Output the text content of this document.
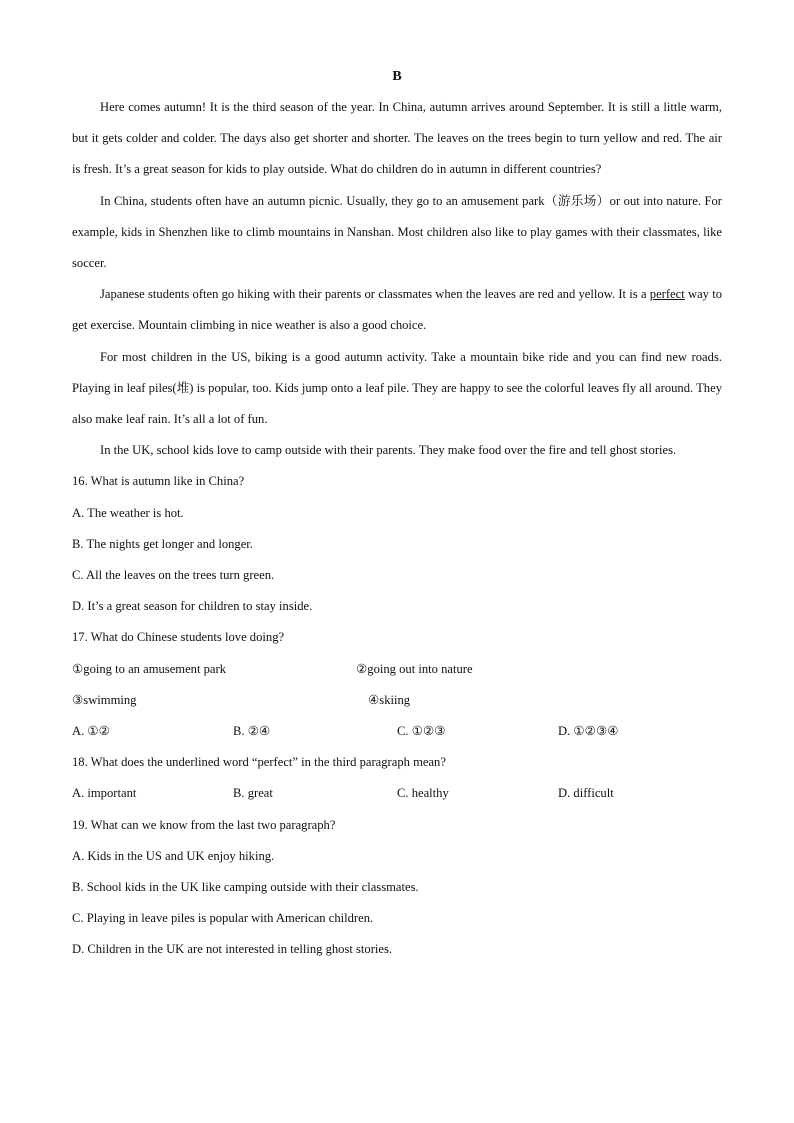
B

Here comes autumn! It is the third season of the year. In China, autumn arrives around September. It is still a little warm, but it gets colder and colder. The days also get shorter and shorter. The leaves on the trees begin to turn yellow and red. The air is fresh. It’s a great season for kids to play outside. What do children do in autumn in different countries?

In China, students often have an autumn picnic. Usually, they go to an amusement park（游乐场）or out into nature. For example, kids in Shenzhen like to climb mountains in Nanshan. Most children also like to play games with their classmates, like soccer.

Japanese students often go hiking with their parents or classmates when the leaves are red and yellow. It is a perfect way to get exercise. Mountain climbing in nice weather is also a good choice.

For most children in the US, biking is a good autumn activity. Take a mountain bike ride and you can find new roads. Playing in leaf piles(堆) is popular, too. Kids jump onto a leaf pile. They are happy to see the colorful leaves fly all around. They also make leaf rain. It’s all a lot of fun.

In the UK, school kids love to camp outside with their parents. They make food over the fire and tell ghost stories.

16. What is autumn like in China?
A. The weather is hot.
B. The nights get longer and longer.
C. All the leaves on the trees turn green.
D. It’s a great season for children to stay inside.
17. What do Chinese students love doing?
①going to an amusement park	②going out into nature
③swimming	④skiing
A. ①②	B. ②④	C. ①②③	D. ①②③④
18. What does the underlined word “perfect” in the third paragraph mean?
A. important	B. great	C. healthy	D. difficult
19. What can we know from the last two paragraph?
A. Kids in the US and UK enjoy hiking.
B. School kids in the UK like camping outside with their classmates.
C. Playing in leave piles is popular with American children.
D. Children in the UK are not interested in telling ghost stories.
